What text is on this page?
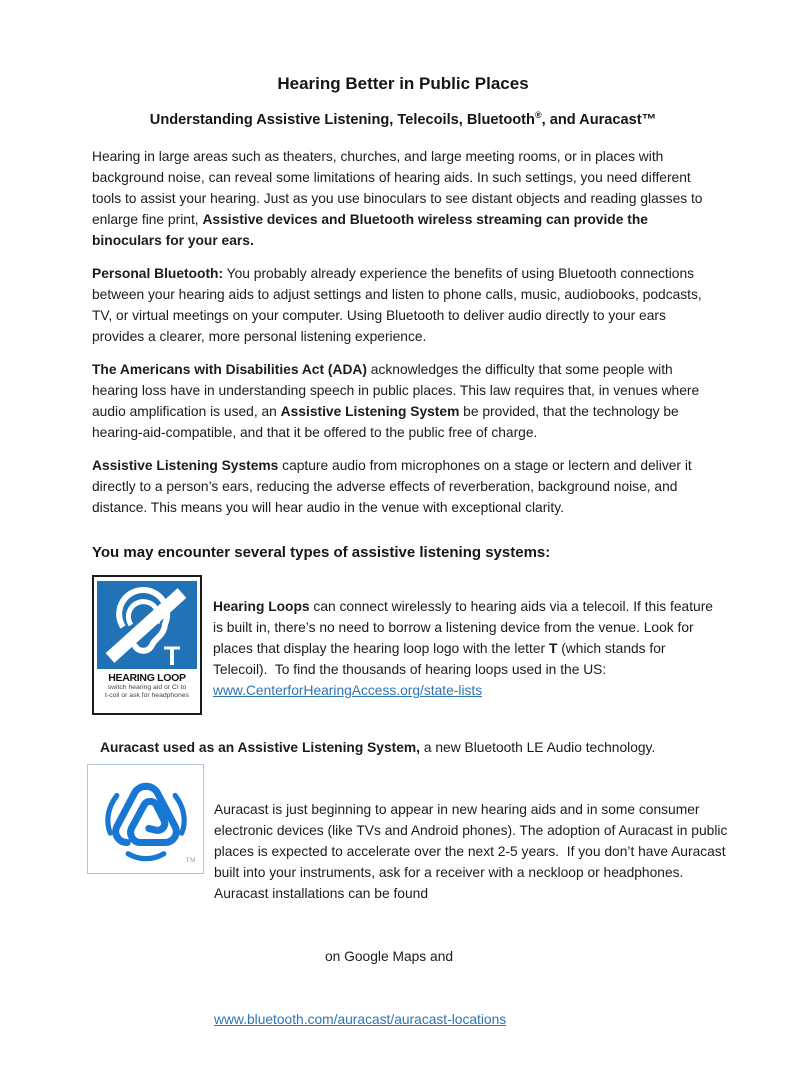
Hearing Better in Public Places
Understanding Assistive Listening, Telecoils, Bluetooth®, and Auracast™

Hearing in large areas such as theaters, churches, and large meeting rooms, or in places with background noise, can reveal some limitations of hearing aids. In such settings, you need different tools to assist your hearing. Just as you use binoculars to see distant objects and reading glasses to enlarge fine print, Assistive devices and Bluetooth wireless streaming can provide the binoculars for your ears.

Personal Bluetooth: You probably already experience the benefits of using Bluetooth connections between your hearing aids to adjust settings and listen to phone calls, music, audiobooks, podcasts, TV, or virtual meetings on your computer. Using Bluetooth to deliver audio directly to your ears provides a clearer, more personal listening experience.

The Americans with Disabilities Act (ADA) acknowledges the difficulty that some people with hearing loss have in understanding speech in public places. This law requires that, in venues where audio amplification is used, an Assistive Listening System be provided, that the technology be hearing-aid-compatible, and that it be offered to the public free of charge.

Assistive Listening Systems capture audio from microphones on a stage or lectern and deliver it directly to a person’s ears, reducing the adverse effects of reverberation, background noise, and distance. This means you will hear audio in the venue with exceptional clarity.

You may encounter several types of assistive listening systems:
T
HEARING LOOP
switch hearing aid or CI to
t-coil or ask for headphones
Hearing Loops can connect wirelessly to hearing aids via a telecoil. If this feature is built in, there’s no need to borrow a listening device from the venue. Look for places that display the hearing loop logo with the letter T (which stands for Telecoil).  To find the thousands of hearing loops used in the US: www.CenterforHearingAccess.org/state-lists
Auracast used as an Assistive Listening System, a new Bluetooth LE Audio technology.
TM

Auracast is just beginning to appear in new hearing aids and in some consumer electronic devices (like TVs and Android phones). The adoption of Auracast in public places is expected to accelerate over the next 2-5 years.  If you don’t have Auracast built into your instruments, ask for a receiver with a neckloop or headphones. Auracast installations can be found

on Google Maps and

www.bluetooth.com/auracast/auracast-locations
